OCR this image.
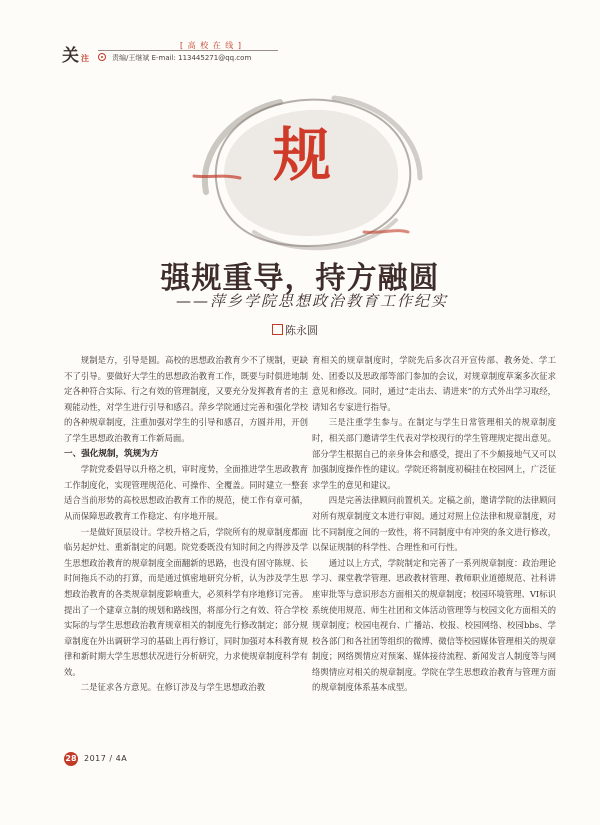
关注
[ 高 校 在 线 ]
责编/王继斌 E-mail: 113445271@qq.com
规
强规重导，持方融圆
——萍乡学院思想政治教育工作纪实
陈永圆

规制是方，引导是圆。高校的思想政治教育少不了规制，更缺不了引导。要做好大学生的思想政治教育工作，既要与时俱进地制定各种符合实际、行之有效的管理制度，又要充分发挥教育者的主观能动性，对学生进行引导和感召。萍乡学院通过完善和强化学校的各种规章制度，注重加强对学生的引导和感召，方圆并用，开创了学生思想政治教育工作新局面。

一、强化规制，筑规为方

学院党委倡导以升格之机，审时度势，全面推进学生思政教育工作制度化，实现管理规范化、可操作、全覆盖。同时建立一整套适合当前形势的高校思想政治教育工作的规范，使工作有章可循，从而保障思政教育工作稳定、有序地开展。

一是做好顶层设计。学校升格之后，学院所有的规章制度都面临另起炉灶、重新制定的问题。院党委既没有知时间之内得涉及学生思想政治教育的规章制度全面翻新的思路，也没有固守陈规、长时间拖兵不动的打算，而是通过慎密地研究分析，认为涉及学生思想政治教育的各类规章制度影响重大，必须科学有序地修订完善。提出了一个建章立制的规划和路线图，将部分行之有效、符合学校实际的与学生思想政治教育规章相关的制度先行修改制定；部分规章制度在外出调研学习的基础上再行修订，同时加强对本科教育规律和新时期大学生思想状况进行分析研究，力求使规章制度科学有效。

二是征求各方意见。在修订涉及与学生思想政治教

育相关的规章制度时，学院先后多次召开宣传部、教务处、学工处、团委以及思政部等部门参加的会议，对规章制度草案多次征求意见和修改。同时，通过“走出去、请进来”的方式外出学习取经，请知名专家进行指导。

三是注重学生参与。在制定与学生日常管理相关的规章制度时，相关部门邀请学生代表对学校现行的学生管理规定提出意见。部分学生根据自己的亲身体会和感受，提出了不少颇接地气又可以加强制度操作性的建议。学院还将制度初稿挂在校园网上，广泛征求学生的意见和建议。

四是完善法律顾问前置机关。定稿之前，邀请学院的法律顾问对所有规章制度文本进行审阅。通过对照上位法律和规章制度，对比不同制度之间的一致性，将不同制度中有冲突的条文进行修改，以保证规制的科学性、合理性和可行性。

通过以上方式，学院制定和完善了一系列规章制度：政治理论学习、课堂教学管理、思政教材管理、教师职业道德规范、社科讲座审批等与意识形态方面相关的规章制度；校园环境管理、VI标识系统使用规范、师生社团和文体活动管理等与校园文化方面相关的规章制度；校园电视台、广播站、校报、校园网络、校园bbs、学校各部门和各社团等组织的微博、微信等校园媒体管理相关的规章制度；网络舆情应对预案、媒体接待流程、新闻发言人制度等与网络舆情应对相关的规章制度。学院在学生思想政治教育与管理方面的规章制度体系基本成型。

28 2017 / 4A
